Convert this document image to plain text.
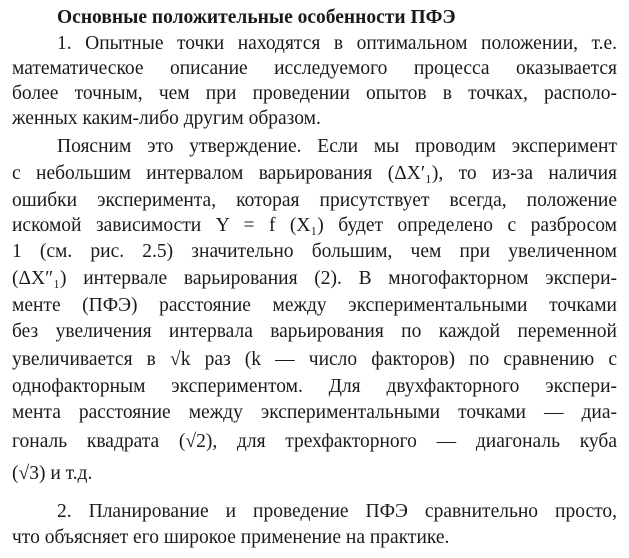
Основные положительные особенности ПФЭ
1. Опытные точки находятся в оптимальном положении, т.е.
математическое описание исследуемого процесса оказывается
более точным, чем при проведении опытов в точках, располо-
женных каким-либо другим образом.
Поясним это утверждение. Если мы проводим эксперимент
с небольшим интервалом варьирования (ΔX′₁), то из-за наличия
ошибки эксперимента, которая присутствует всегда, положение
искомой зависимости Y = f (X₁) будет определено с разбросом
1 (см. рис. 2.5) значительно большим, чем при увеличенном
(ΔX″₁) интервале варьирования (2). В многофакторном экспери-
менте (ПФЭ) расстояние между экспериментальными точками
без увеличения интервала варьирования по каждой переменной
увеличивается в √k раз (k — число факторов) по сравнению с
однофакторным экспериментом. Для двухфакторного экспери-
мента расстояние между экспериментальными точками — диа-
гональ квадрата (√2), для трехфакторного — диагональ куба
(√3) и т.д.
2. Планирование и проведение ПФЭ сравнительно просто,
что объясняет его широкое применение на практике.
